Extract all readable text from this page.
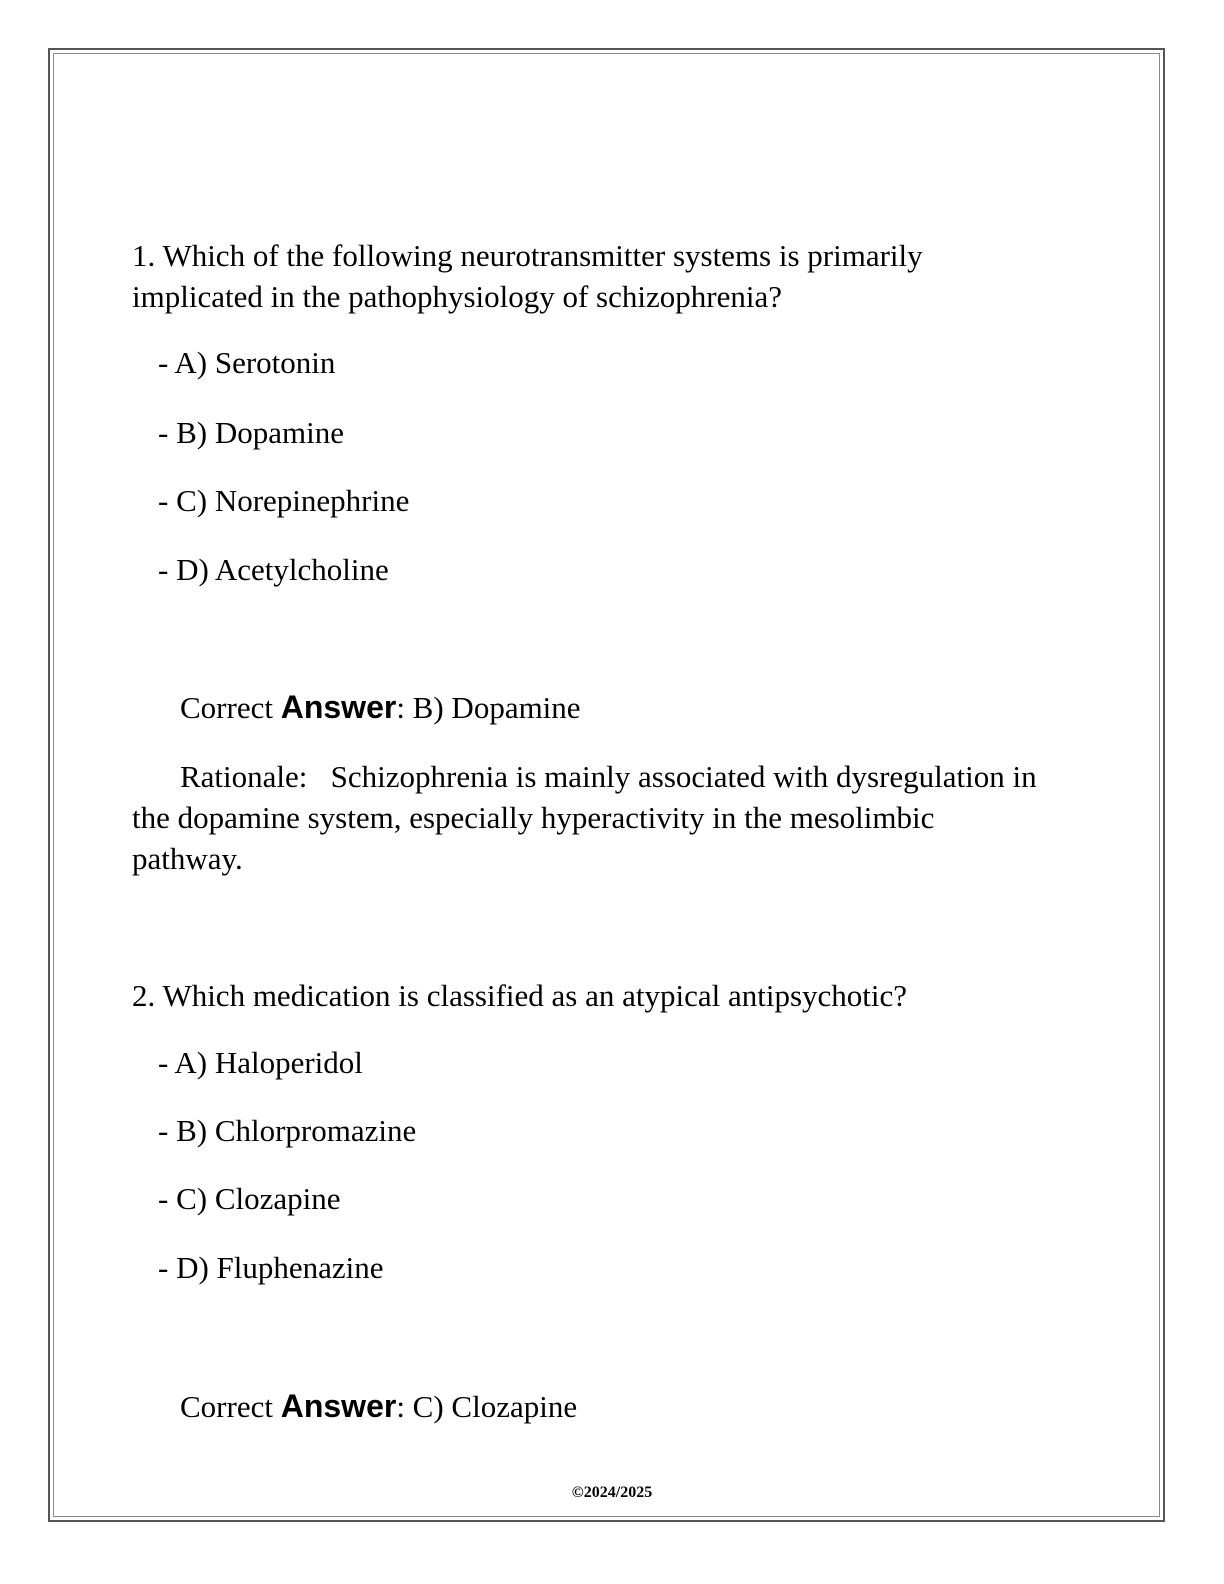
1. Which of the following neurotransmitter systems is primarily implicated in the pathophysiology of schizophrenia?
- A) Serotonin
- B) Dopamine
- C) Norepinephrine
- D) Acetylcholine
Correct Answer: B) Dopamine
Rationale:   Schizophrenia is mainly associated with dysregulation in the dopamine system, especially hyperactivity in the mesolimbic pathway.
2. Which medication is classified as an atypical antipsychotic?
- A) Haloperidol
- B) Chlorpromazine
- C) Clozapine
- D) Fluphenazine
Correct Answer: C) Clozapine
©2024/2025
